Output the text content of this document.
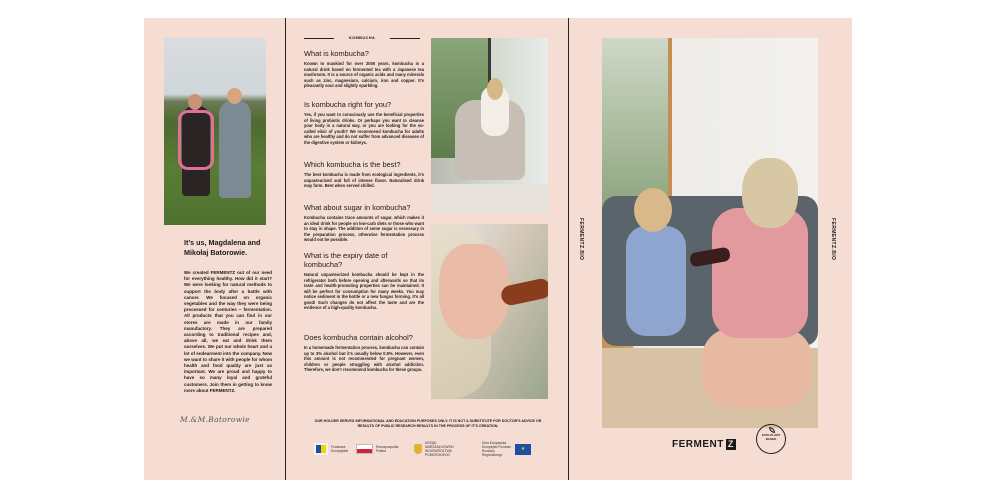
It’s us, Magdalena and Mikołaj Batorowie.
We created FERMENTZ out of our need for everything healthy. How did it start? We were looking for natural methods to support the body after a battle with cancer. We focused on organic vegetables and the way they were being processed for centuries – fermentation. All products that you can find in our stores are made in our family manufactory. They are prepared according to traditional recipes and, above all, we eat and drink them ourselves. We put our whole heart and a lot of endearment into the company. Now we want to share it with people for whom health and food quality are just as important. We are proud and happy to have so many loyal and grateful customers. Join them in getting to know more about FERMENTZ.
M.&M.Batorowie
KOMBUCHA
What is kombucha?

Known to mankind for over 2000 years, kombucha is a natural drink based on fermented tea with a Japanese tea mushroom. It is a source of organic acids and many minerals such as zinc, magnesium, calcium, iron and copper. It’s pleasantly sour and slightly sparkling.

Is kombucha right for you?

Yes, if you want to consciously use the beneficial properties of living probiotic drinks. Or perhaps you want to cleanse your body in a natural way, or you are looking for the so-called elixir of youth? We recommend kombucha for adults who are healthy and do not suffer from advanced diseases of the digestive system or kidneys.

Which kombucha is the best?

The best kombucha is made from ecological ingredients, it’s unpasteurized and full of intense flavor. Naturalised drink may form. Best when served chilled.

What about sugar in kombucha?

Kombucha contains trace amounts of sugar, which makes it an ideal drink for people on low-carb diets or those who want to stay in shape. The addition of some sugar is necessary in the preparation process, otherwise fermentation process would not be possible.

What is the expiry date of kombucha?

Natural unpasteurized kombucha should be kept in the refrigerator both before opening and afterwards so that its taste and health-promoting properties can be maintained. It will be perfect for consumption for many weeks. You may notice sediment in the bottle or a new fungus forming. It’s all good! Such changes do not affect the taste and are the evidence of a high-quality kombucha.

Does kombucha contain alcohol?

In a homemade fermentation process, kombucha can contain up to 3% alcohol but it’s usually below 0.5%. However, even this amount is not recommended for pregnant women, children or people struggling with alcohol addiction. Therefore, we don’t recommend kombucha for these groups.

OUR HOLDER SERVES INFORMATIONAL AND EDUCATION PURPOSES ONLY. IT IS NOT A SUBSTITUTE FOR DOCTOR'S ADVICE OR RESULTS OF PUBLIC RESEARCH RESULTS IN THE PROCESS OF IT'S CREATION.
Fundusze Europejskie
Rzeczpospolita Polska
URZĄD MARSZAŁKOWSKI WOJEWÓDZTWA POMORSKIEGO
Unia Europejska
Europejski Fundusz Rozwoju Regionalnego
★
FERMENTZ.BIO	FERMENTZ.BIO
FERMENT Z
100% PLANT BASED
